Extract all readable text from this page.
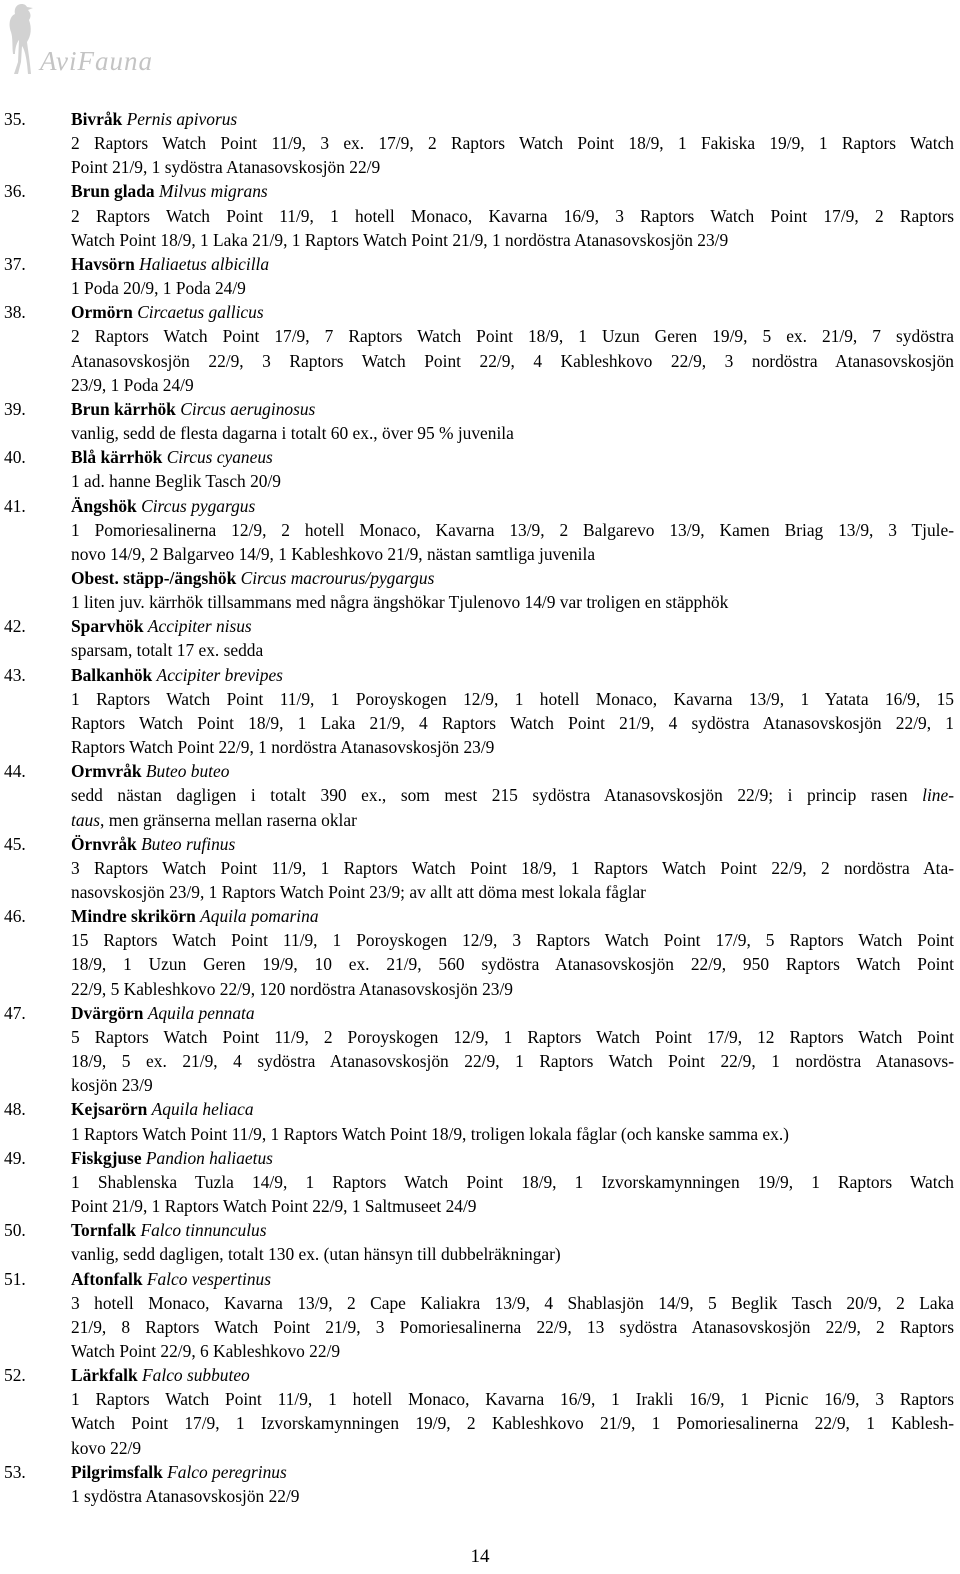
AviFauna
35.	Bivråk Pernis apivorus
2 Raptors Watch Point 11/9, 3 ex. 17/9, 2 Raptors Watch Point 18/9, 1 Fakiska 19/9, 1 Raptors Watch
Point 21/9, 1 sydöstra Atanasovskosjön 22/9
36.	Brun glada Milvus migrans
2 Raptors Watch Point 11/9, 1 hotell Monaco, Kavarna 16/9, 3 Raptors Watch Point 17/9, 2 Raptors
Watch Point 18/9, 1 Laka 21/9, 1 Raptors Watch Point 21/9, 1 nordöstra Atanasovskosjön 23/9
37.	Havsörn Haliaetus albicilla
1 Poda 20/9, 1 Poda 24/9
38.	Ormörn Circaetus gallicus
2 Raptors Watch Point 17/9, 7 Raptors Watch Point 18/9, 1 Uzun Geren 19/9, 5 ex. 21/9, 7 sydöstra
Atanasovskosjön 22/9, 3 Raptors Watch Point 22/9, 4 Kableshkovo 22/9, 3 nordöstra Atanasovskosjön
23/9, 1 Poda 24/9
39.	Brun kärrhök Circus aeruginosus
vanlig, sedd de flesta dagarna i totalt 60 ex., över 95 % juvenila
40.	Blå kärrhök Circus cyaneus
1 ad. hanne Beglik Tasch 20/9
41.	Ängshök Circus pygargus
1 Pomoriesalinerna 12/9, 2 hotell Monaco, Kavarna 13/9, 2 Balgarevo 13/9, Kamen Briag 13/9, 3 Tjule-
novo 14/9, 2 Balgarveo 14/9, 1 Kableshkovo 21/9, nästan samtliga juvenila
Obest. stäpp-/ängshök Circus macrourus/pygargus
1 liten juv. kärrhök tillsammans med några ängshökar Tjulenovo 14/9 var troligen en stäpphök
42.	Sparvhök Accipiter nisus
sparsam, totalt 17 ex. sedda
43.	Balkanhök Accipiter brevipes
1 Raptors Watch Point 11/9, 1 Poroyskogen 12/9, 1 hotell Monaco, Kavarna 13/9, 1 Yatata 16/9, 15
Raptors Watch Point 18/9, 1 Laka 21/9, 4 Raptors Watch Point 21/9, 4 sydöstra Atanasovskosjön 22/9, 1
Raptors Watch Point 22/9, 1 nordöstra Atanasovskosjön 23/9
44.	Ormvråk Buteo buteo
sedd nästan dagligen i totalt 390 ex., som mest 215 sydöstra Atanasovskosjön 22/9; i princip rasen line-
taus, men gränserna mellan raserna oklar
45.	Örnvråk Buteo rufinus
3 Raptors Watch Point 11/9, 1 Raptors Watch Point 18/9, 1 Raptors Watch Point 22/9, 2 nordöstra Ata-
nasovskosjön 23/9, 1 Raptors Watch Point 23/9; av allt att döma mest lokala fåglar
46.	Mindre skrikörn Aquila pomarina
15 Raptors Watch Point 11/9, 1 Poroyskogen 12/9, 3 Raptors Watch Point 17/9, 5 Raptors Watch Point
18/9, 1 Uzun Geren 19/9, 10 ex. 21/9, 560 sydöstra Atanasovskosjön 22/9, 950 Raptors Watch Point
22/9, 5 Kableshkovo 22/9, 120 nordöstra Atanasovskosjön 23/9
47.	Dvärgörn Aquila pennata
5 Raptors Watch Point 11/9, 2 Poroyskogen 12/9, 1 Raptors Watch Point 17/9, 12 Raptors Watch Point
18/9, 5 ex. 21/9, 4 sydöstra Atanasovskosjön 22/9, 1 Raptors Watch Point 22/9, 1 nordöstra Atanasovs-
kosjön 23/9
48.	Kejsarörn Aquila heliaca
1 Raptors Watch Point 11/9, 1 Raptors Watch Point 18/9, troligen lokala fåglar (och kanske samma ex.)
49.	Fiskgjuse Pandion haliaetus
1 Shablenska Tuzla 14/9, 1 Raptors Watch Point 18/9, 1 Izvorskamynningen 19/9, 1 Raptors Watch
Point 21/9, 1 Raptors Watch Point 22/9, 1 Saltmuseet 24/9
50.	Tornfalk Falco tinnunculus
vanlig, sedd dagligen, totalt 130 ex. (utan hänsyn till dubbelräkningar)
51.	Aftonfalk Falco vespertinus
3 hotell Monaco, Kavarna 13/9, 2 Cape Kaliakra 13/9, 4 Shablasjön 14/9, 5 Beglik Tasch 20/9, 2 Laka
21/9, 8 Raptors Watch Point 21/9, 3 Pomoriesalinerna 22/9, 13 sydöstra Atanasovskosjön 22/9, 2 Raptors
Watch Point 22/9, 6 Kableshkovo 22/9
52.	Lärkfalk Falco subbuteo
1 Raptors Watch Point 11/9, 1 hotell Monaco, Kavarna 16/9, 1 Irakli 16/9, 1 Picnic 16/9, 3 Raptors
Watch Point 17/9, 1 Izvorskamynningen 19/9, 2 Kableshkovo 21/9, 1 Pomoriesalinerna 22/9, 1 Kablesh-
kovo 22/9
53.	Pilgrimsfalk Falco peregrinus
1 sydöstra Atanasovskosjön 22/9
14
